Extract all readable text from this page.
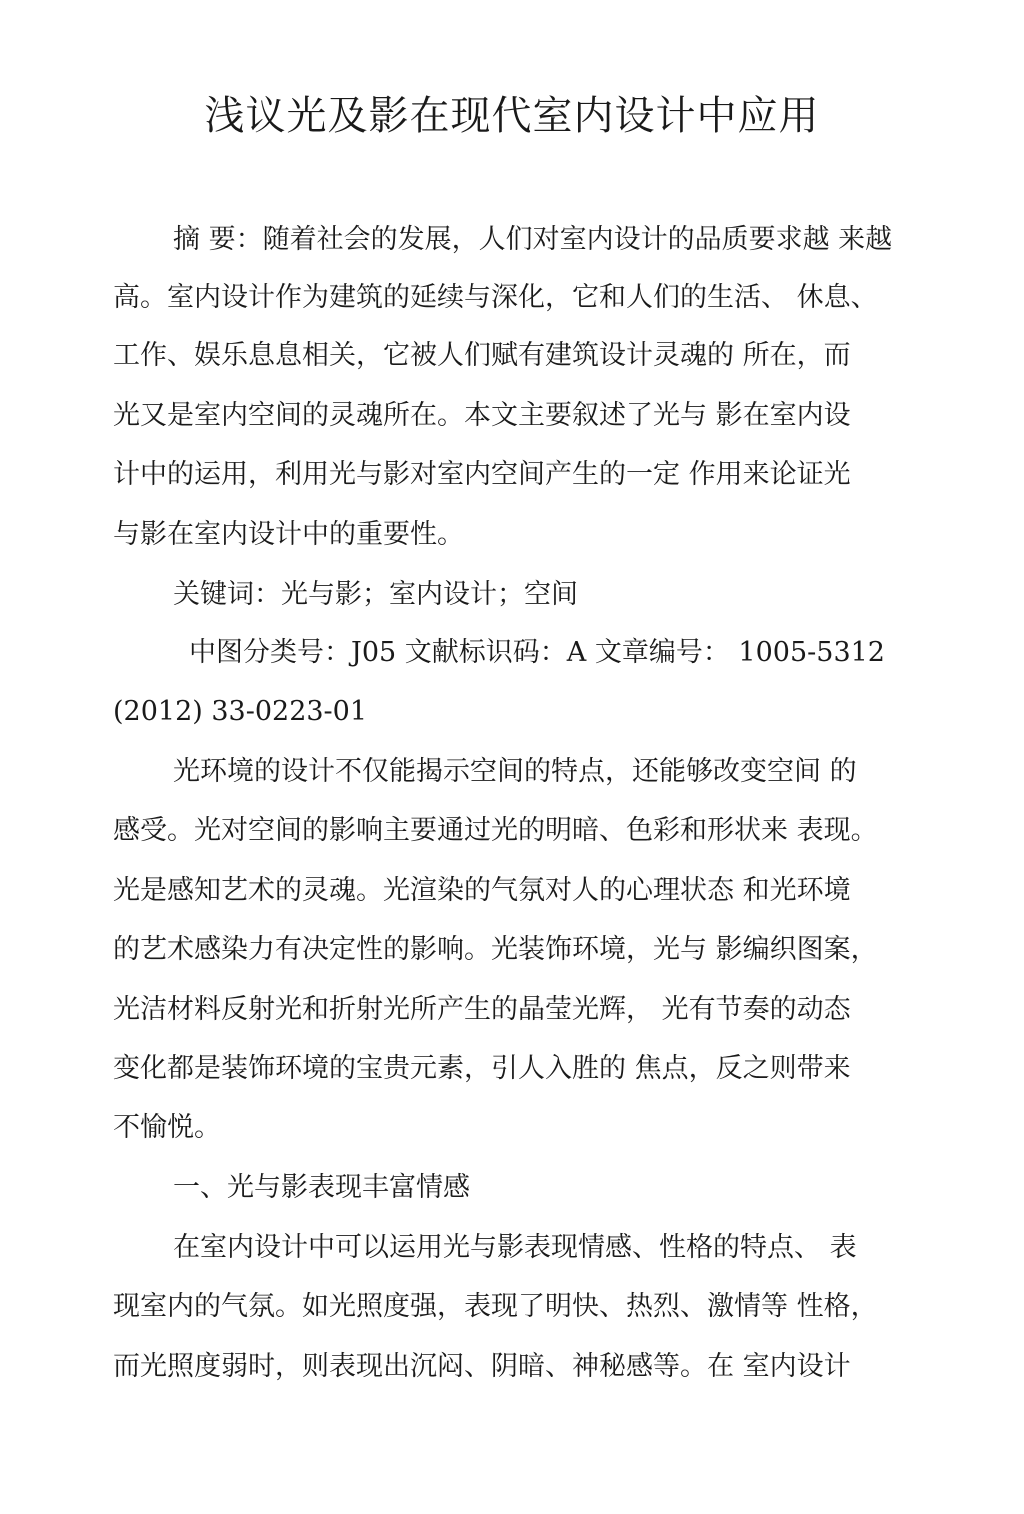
浅议光及影在现代室内设计中应用

摘 要：随着社会的发展，人们对室内设计的品质要求越 来越

高。室内设计作为建筑的延续与深化，它和人们的生活、 休息、

工作、娱乐息息相关，它被人们赋有建筑设计灵魂的 所在，而

光又是室内空间的灵魂所在。本文主要叙述了光与 影在室内设

计中的运用，利用光与影对室内空间产生的一定 作用来论证光

与影在室内设计中的重要性。

关键词：光与影；室内设计；空间

中图分类号：J05 文献标识码：A 文章编号： 1005-5312

(2012) 33-0223-01

光环境的设计不仅能揭示空间的特点，还能够改变空间 的

感受。光对空间的影响主要通过光的明暗、色彩和形状来 表现。

光是感知艺术的灵魂。光渲染的气氛对人的心理状态 和光环境

的艺术感染力有决定性的影响。光装饰环境，光与 影编织图案，

光洁材料反射光和折射光所产生的晶莹光辉， 光有节奏的动态

变化都是装饰环境的宝贵元素，引人入胜的 焦点，反之则带来

不愉悦。

一、光与影表现丰富情感

在室内设计中可以运用光与影表现情感、性格的特点、 表

现室内的气氛。如光照度强，表现了明快、热烈、激情等 性格，

而光照度弱时，则表现出沉闷、阴暗、神秘感等。在 室内设计
